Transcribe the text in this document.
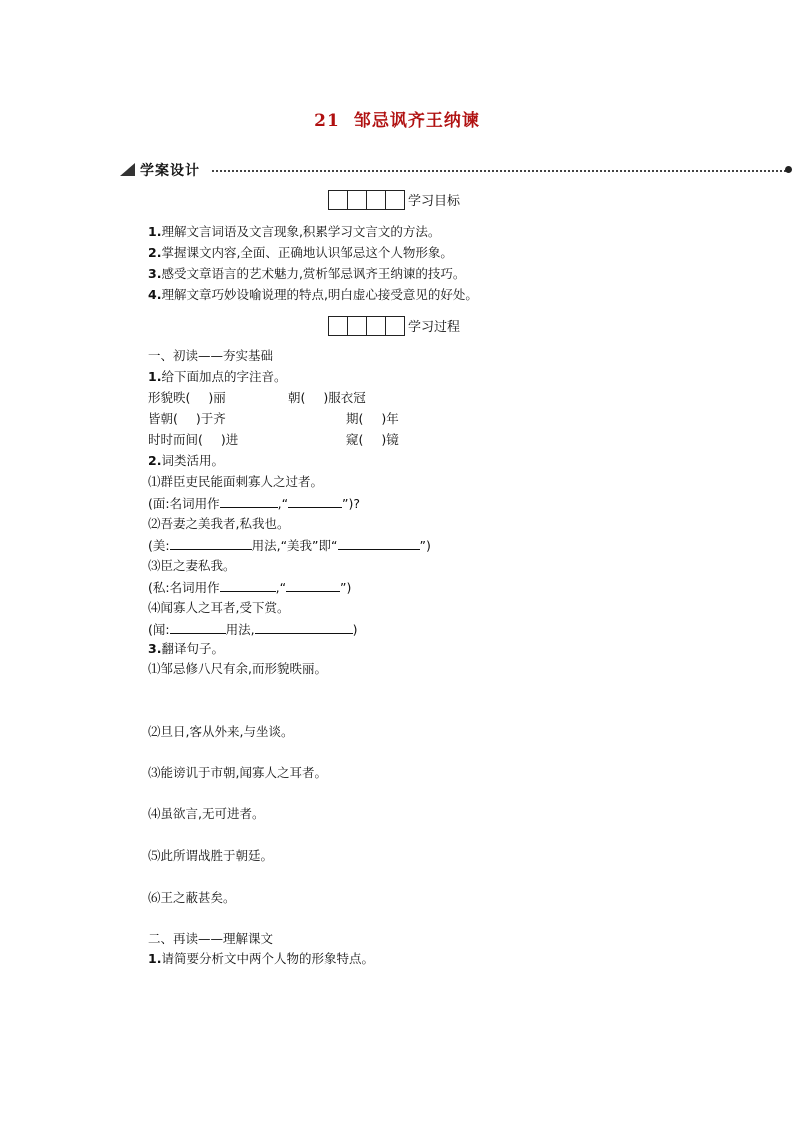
21 邹忌讽齐王纳谏
学案设计
学习目标
1.理解文言词语及文言现象,积累学习文言文的方法。
2.掌握课文内容,全面、正确地认识邹忌这个人物形象。
3.感受文章语言的艺术魅力,赏析邹忌讽齐王纳谏的技巧。
4.理解文章巧妙设喻说理的特点,明白虚心接受意见的好处。
学习过程
一、初读——夯实基础
1.给下面加点的字注音。
形貌昳( )丽	朝( )服衣冠
皆朝( )于齐	期( )年
时时而间( )进	窥( )镜
2.词类活用。
⑴群臣吏民能面刺寡人之过者。
(面:名词用作	,“	”)?
⑵吾妻之美我者,私我也。
(美:	用法,“美我”即“	”)
⑶臣之妻私我。
(私:名词用作	,“	”)
⑷闻寡人之耳者,受下赏。
(闻:	用法,	)
3.翻译句子。
⑴邹忌修八尺有余,而形貌昳丽。
⑵旦日,客从外来,与坐谈。
⑶能谤讥于市朝,闻寡人之耳者。
⑷虽欲言,无可进者。
⑸此所谓战胜于朝廷。
⑹王之蔽甚矣。
二、再读——理解课文
1.请简要分析文中两个人物的形象特点。
